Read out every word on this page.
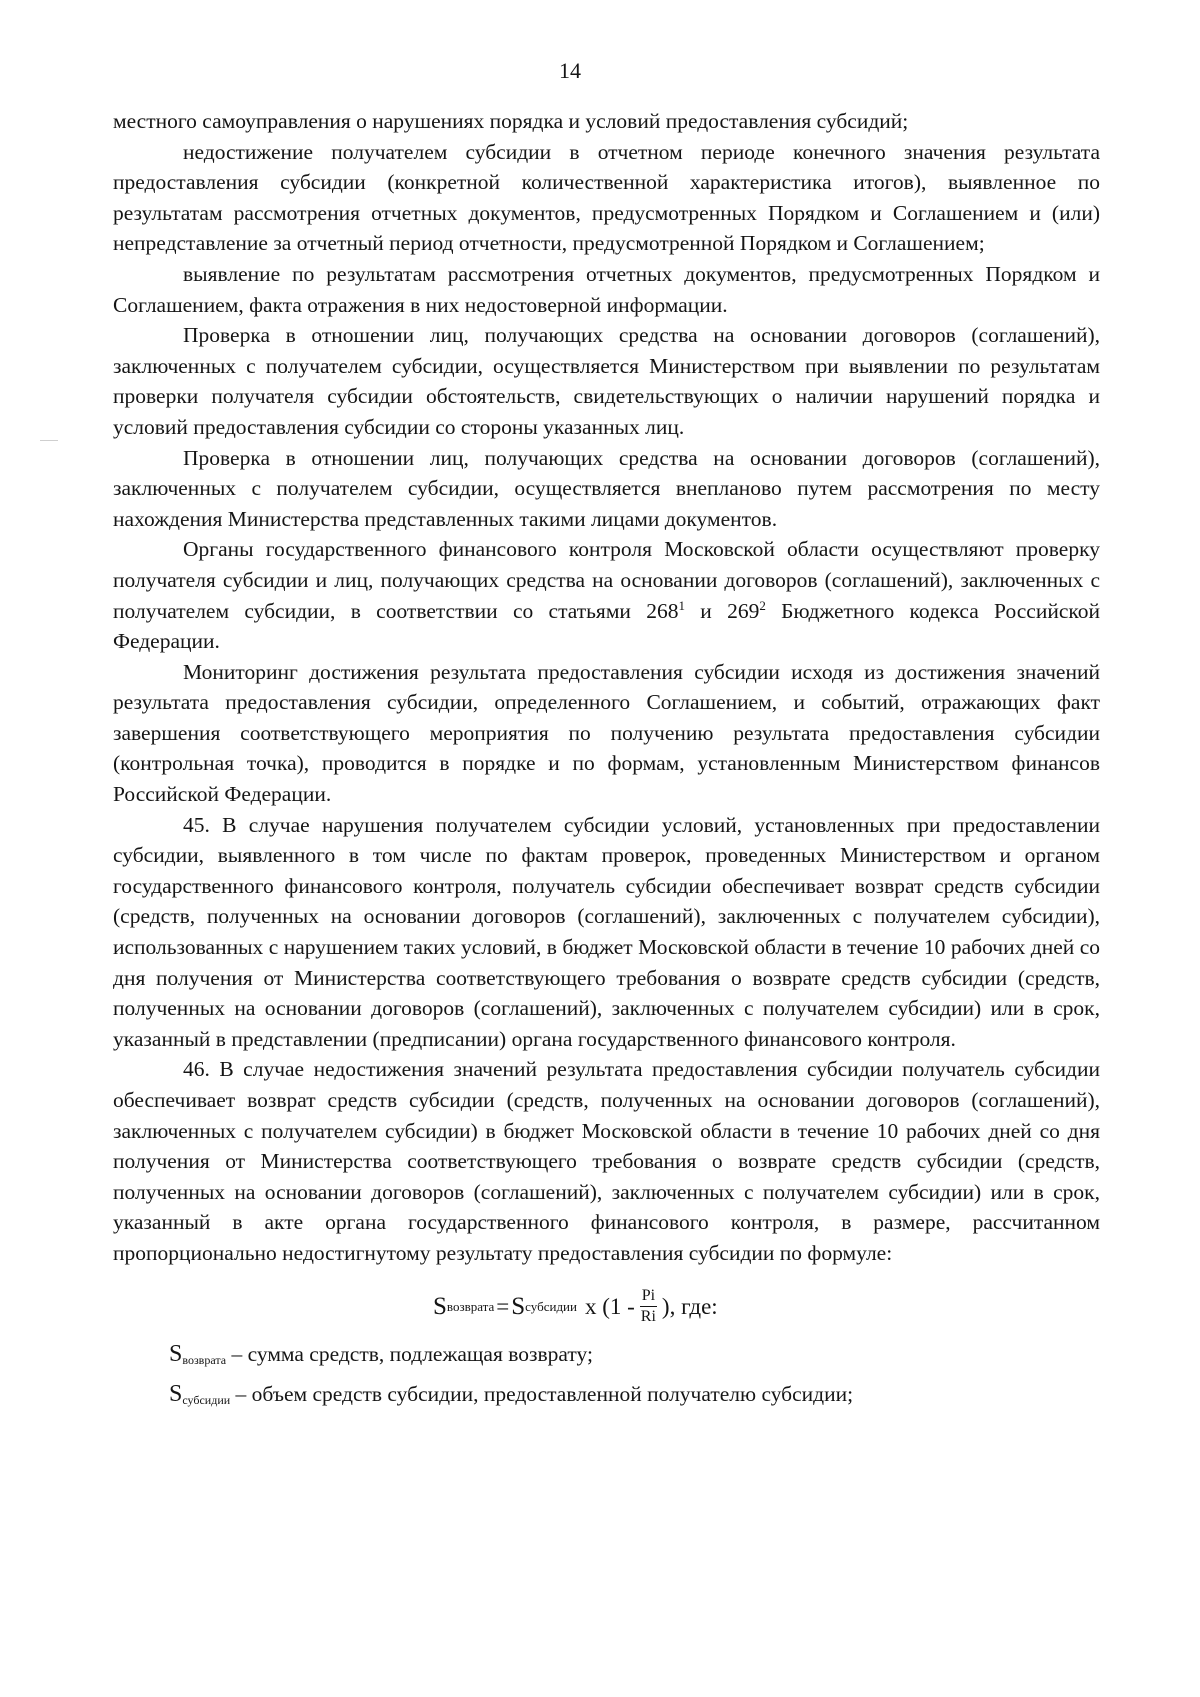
14

местного самоуправления о нарушениях порядка и условий предоставления субсидий;

недостижение получателем субсидии в отчетном периоде конечного значения результата предоставления субсидии (конкретной количественной характеристика итогов), выявленное по результатам рассмотрения отчетных документов, предусмотренных Порядком и Соглашением и (или) непредставление за отчетный период отчетности, предусмотренной Порядком и Соглашением;

выявление по результатам рассмотрения отчетных документов, предусмотренных Порядком и Соглашением, факта отражения в них недостоверной информации.

Проверка в отношении лиц, получающих средства на основании договоров (соглашений), заключенных с получателем субсидии, осуществляется Министерством при выявлении по результатам проверки получателя субсидии обстоятельств, свидетельствующих о наличии нарушений порядка и условий предоставления субсидии со стороны указанных лиц.

Проверка в отношении лиц, получающих средства на основании договоров (соглашений), заключенных с получателем субсидии, осуществляется внепланово путем рассмотрения по месту нахождения Министерства представленных такими лицами документов.

Органы государственного финансового контроля Московской области осуществляют проверку получателя субсидии и лиц, получающих средства на основании договоров (соглашений), заключенных с получателем субсидии, в соответствии со статьями $268^1$ и $269^2$ Бюджетного кодекса Российской Федерации.

Мониторинг достижения результата предоставления субсидии исходя из достижения значений результата предоставления субсидии, определенного Соглашением, и событий, отражающих факт завершения соответствующего мероприятия по получению результата предоставления субсидии (контрольная точка), проводится в порядке и по формам, установленным Министерством финансов Российской Федерации.

45. В случае нарушения получателем субсидии условий, установленных при предоставлении субсидии, выявленного в том числе по фактам проверок, проведенных Министерством и органом государственного финансового контроля, получатель субсидии обеспечивает возврат средств субсидии (средств, полученных на основании договоров (соглашений), заключенных с получателем субсидии), использованных с нарушением таких условий, в бюджет Московской области в течение 10 рабочих дней со дня получения от Министерства соответствующего требования о возврате средств субсидии (средств, полученных на основании договоров (соглашений), заключенных с получателем субсидии) или в срок, указанный в представлении (предписании) органа государственного финансового контроля.

46. В случае недостижения значений результата предоставления субсидии получатель субсидии обеспечивает возврат средств субсидии (средств, полученных на основании договоров (соглашений), заключенных с получателем субсидии) в бюджет Московской области в течение 10 рабочих дней со дня получения от Министерства соответствующего требования о возврате средств субсидии (средств, полученных на основании договоров (соглашений), заключенных с получателем субсидии) или в срок, указанный в акте органа государственного финансового контроля, в размере, рассчитанном пропорционально недостигнутому результату предоставления субсидии по формуле:

S возврата = S субсидии x ($1 - \frac{Pi}{Ri}$ ), где:

$S_{возврата}$ – сумма средств, подлежащая возврату;

$S_{субсидии}$ – объем средств субсидии, предоставленной получателю субсидии;
